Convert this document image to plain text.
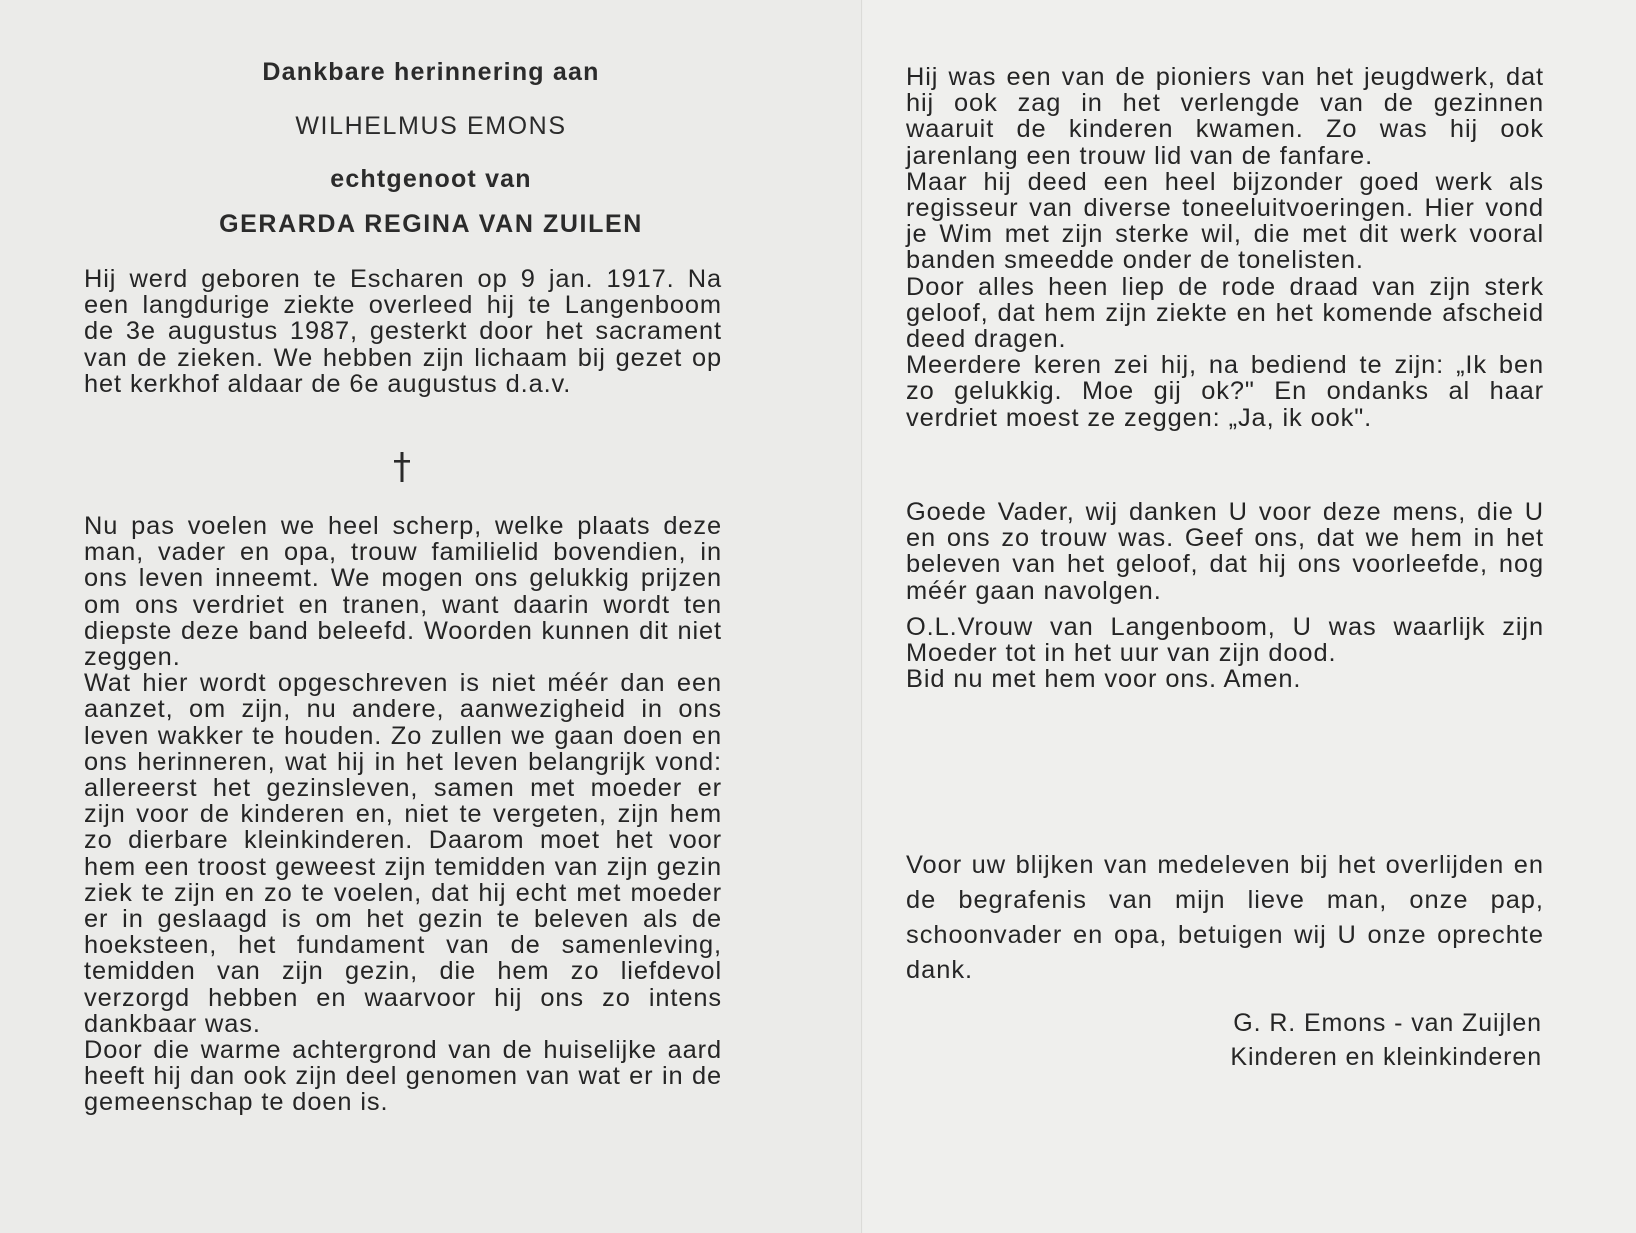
Dankbare herinnering aan
WILHELMUS EMONS
echtgenoot van
GERARDA REGINA VAN ZUILEN

Hij werd geboren te Escharen op 9 jan. 1917. Na een langdurige ziekte overleed hij te Langenboom de 3e augustus 1987, gesterkt door het sacrament van de zieken. We hebben zijn lichaam bij gezet op het kerkhof aldaar de 6e augustus d.a.v.

Nu pas voelen we heel scherp, welke plaats deze man, vader en opa, trouw familielid bovendien, in ons leven inneemt. We mogen ons gelukkig prijzen om ons verdriet en tranen, want daarin wordt ten diepste deze band beleefd. Woorden kunnen dit niet zeggen.

Wat hier wordt opgeschreven is niet méér dan een aanzet, om zijn, nu andere, aanwezigheid in ons leven wakker te houden. Zo zullen we gaan doen en ons herinneren, wat hij in het leven belangrijk vond: allereerst het gezinsleven, samen met moeder er zijn voor de kinderen en, niet te vergeten, zijn hem zo dierbare kleinkinderen. Daarom moet het voor hem een troost geweest zijn temidden van zijn gezin ziek te zijn en zo te voelen, dat hij echt met moeder er in geslaagd is om het gezin te beleven als de hoeksteen, het fundament van de samenleving, temidden van zijn gezin, die hem zo liefdevol verzorgd hebben en waarvoor hij ons zo intens dankbaar was.

Door die warme achtergrond van de huiselijke aard heeft hij dan ook zijn deel genomen van wat er in de gemeenschap te doen is.

Hij was een van de pioniers van het jeugdwerk, dat hij ook zag in het verlengde van de gezinnen waaruit de kinderen kwamen. Zo was hij ook jarenlang een trouw lid van de fanfare.

Maar hij deed een heel bijzonder goed werk als regisseur van diverse toneeluitvoeringen. Hier vond je Wim met zijn sterke wil, die met dit werk vooral banden smeedde onder de tonelisten.

Door alles heen liep de rode draad van zijn sterk geloof, dat hem zijn ziekte en het komende afscheid deed dragen.

Meerdere keren zei hij, na bediend te zijn: „Ik ben zo gelukkig. Moe gij ok?" En ondanks al haar verdriet moest ze zeggen: „Ja, ik ook".

Goede Vader, wij danken U voor deze mens, die U en ons zo trouw was. Geef ons, dat we hem in het beleven van het geloof, dat hij ons voorleefde, nog méér gaan navolgen.

O.L.Vrouw van Langenboom, U was waarlijk zijn Moeder tot in het uur van zijn dood.

Bid nu met hem voor ons. Amen.

Voor uw blijken van medeleven bij het overlijden en de begrafenis van mijn lieve man, onze pap, schoonvader en opa, betuigen wij U onze oprechte dank.

G. R. Emons - van Zuijlen

Kinderen en kleinkinderen
